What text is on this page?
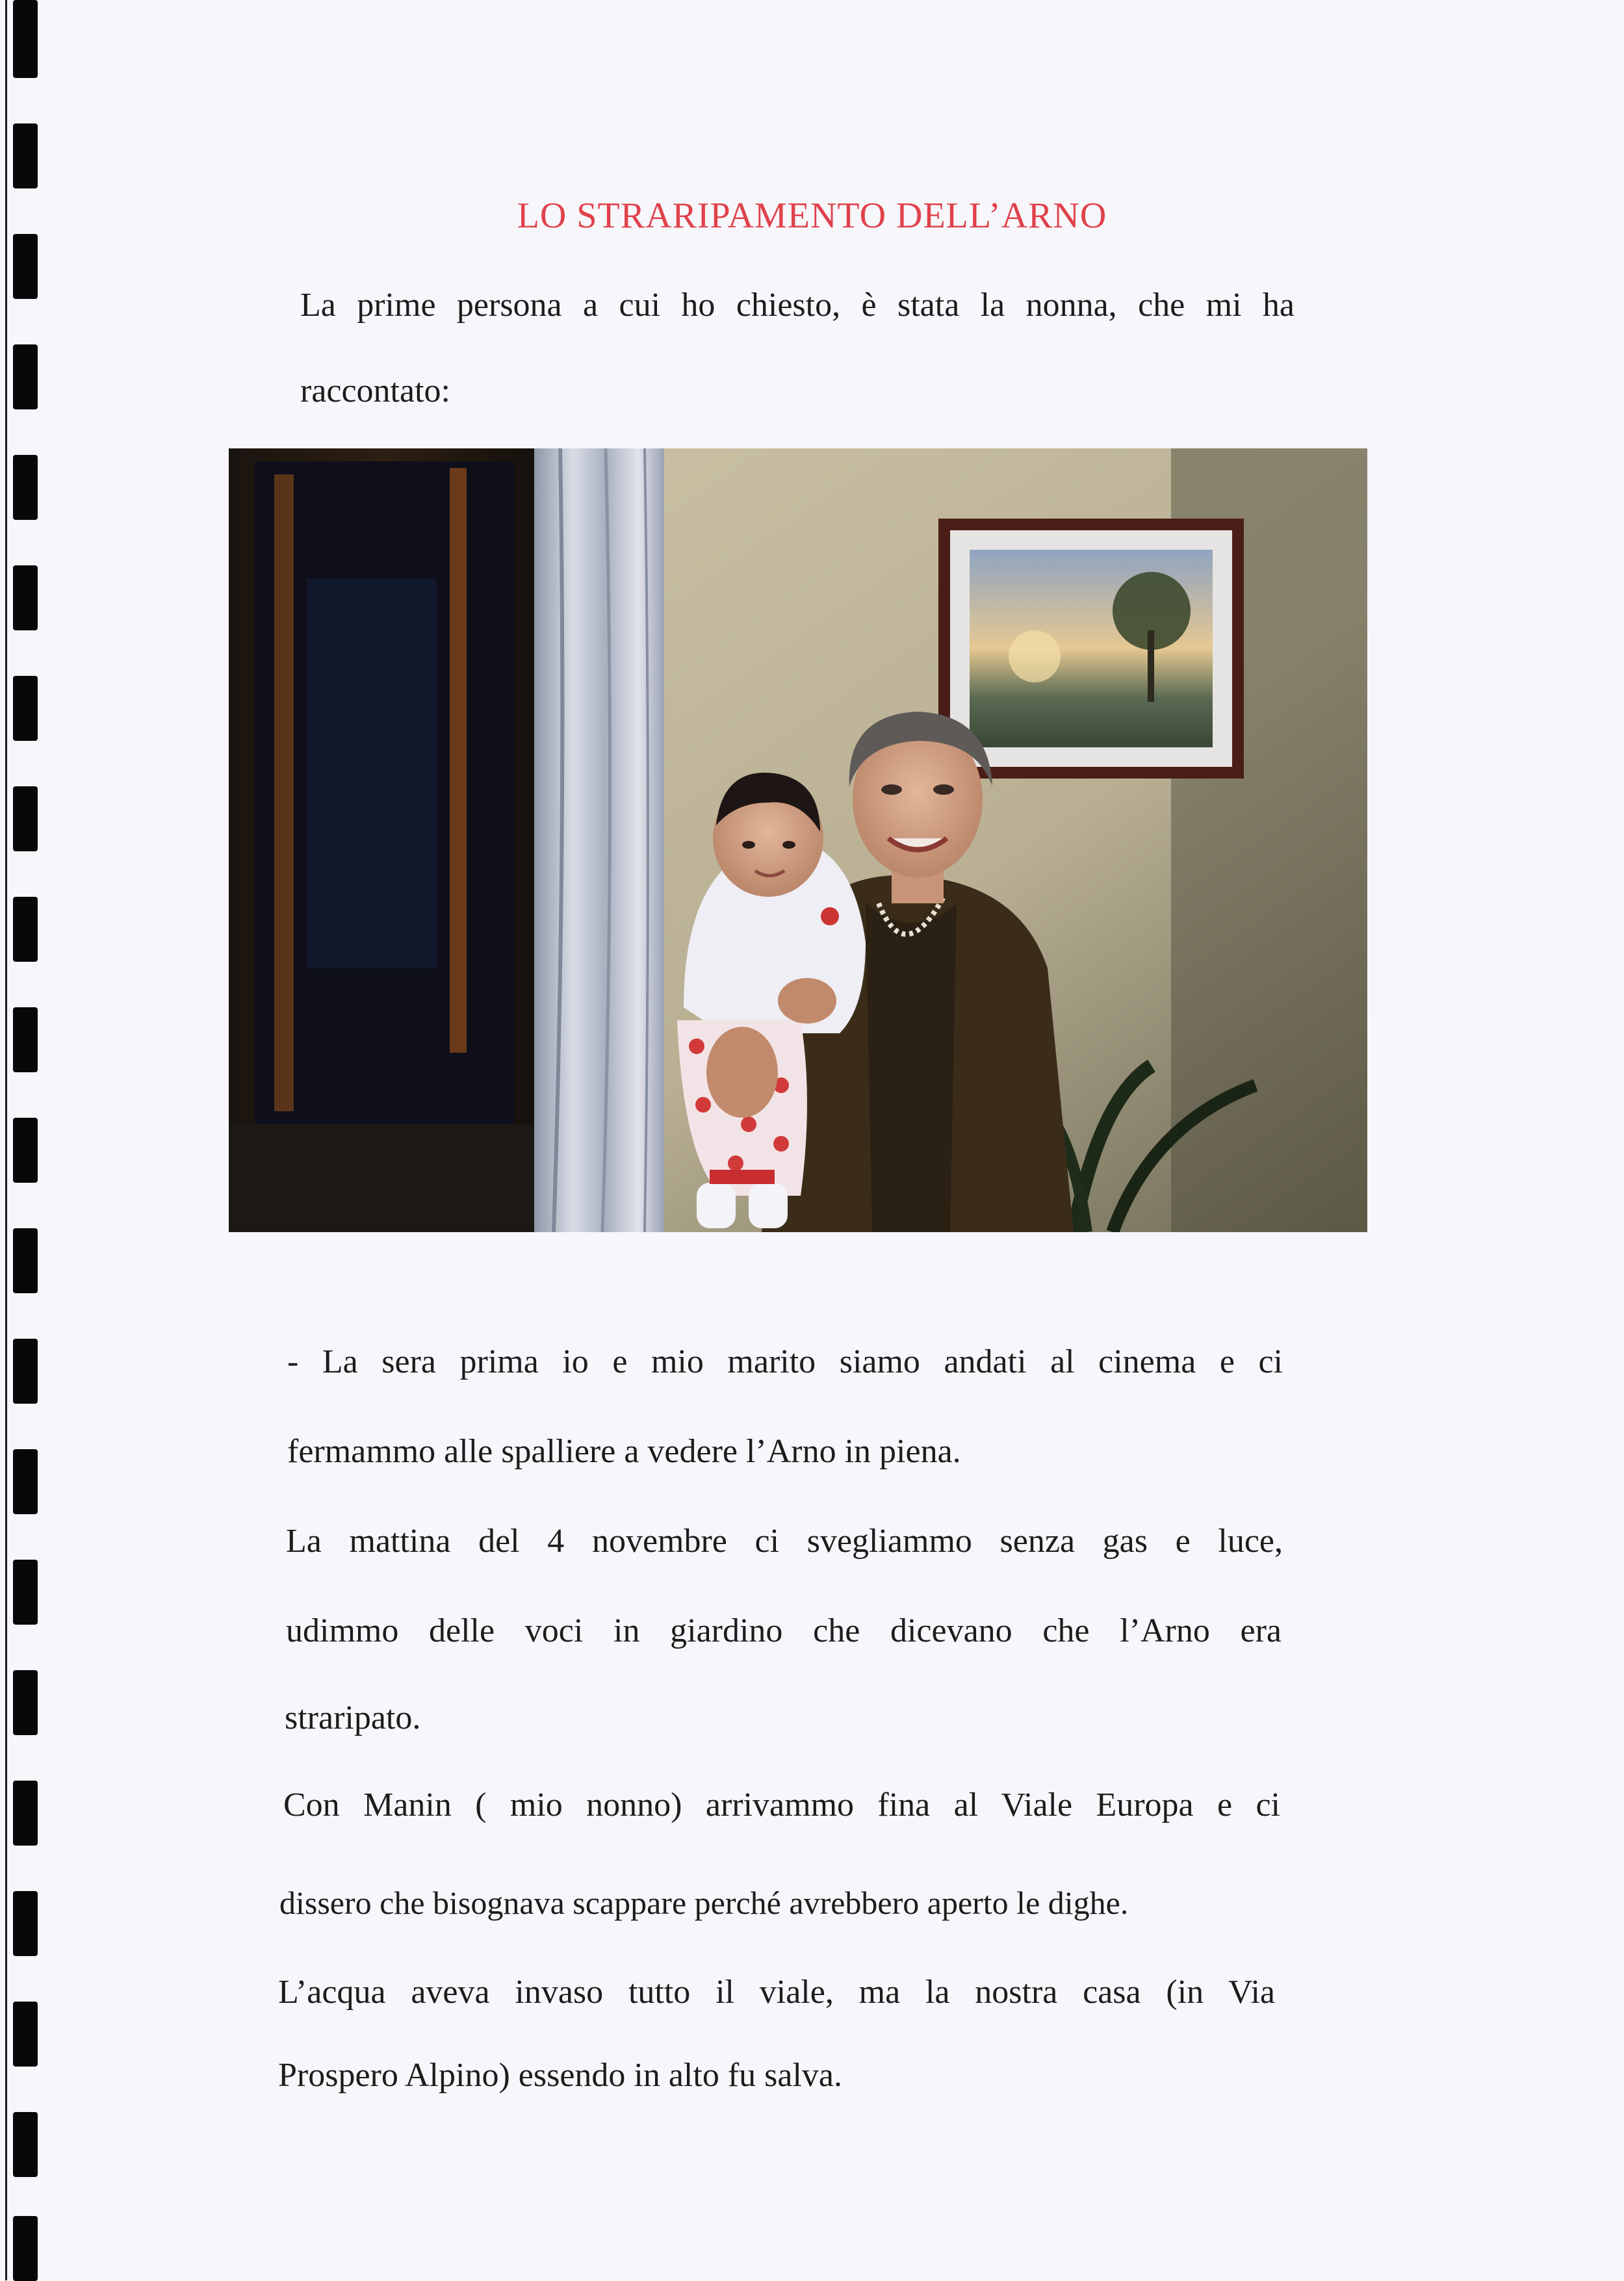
LO STRARIPAMENTO DELL’ARNO
La prime persona a cui ho chiesto, è stata la nonna, che mi ha
raccontato:
- La sera prima io e mio marito siamo andati al cinema e ci
fermammo alle spalliere a vedere l’Arno in piena.
La mattina del 4 novembre ci svegliammo senza gas e luce,
udimmo delle voci in giardino che dicevano che l’Arno era
straripato.
Con Manin ( mio nonno) arrivammo fina al Viale Europa e ci
dissero che bisognava scappare perché avrebbero aperto le dighe.
L’acqua aveva invaso tutto il viale, ma la nostra casa (in Via
Prospero Alpino) essendo in alto fu salva.
